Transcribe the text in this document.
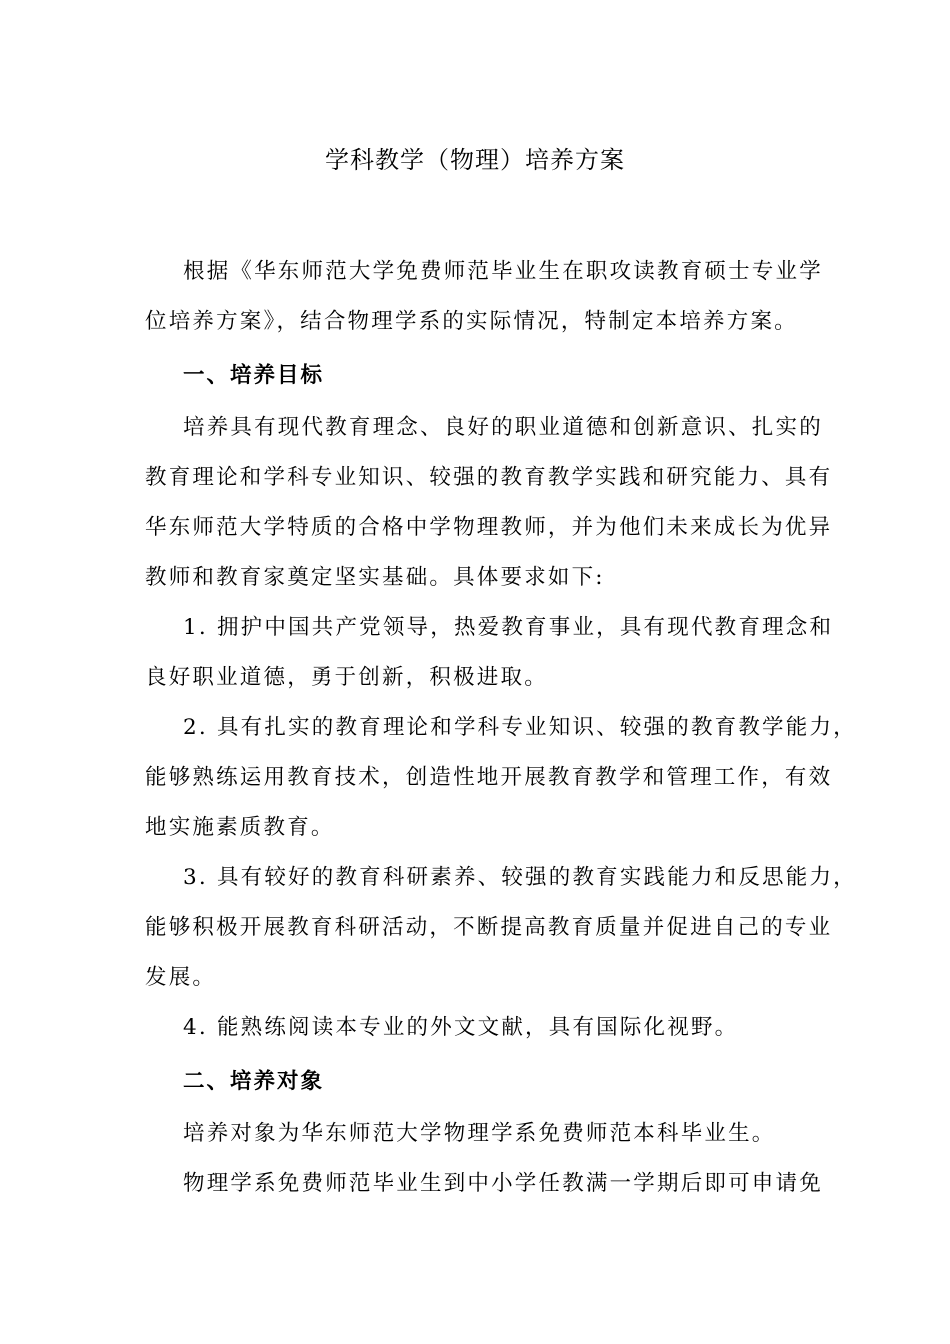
学科教学（物理）培养方案
根据《华东师范大学免费师范毕业生在职攻读教育硕士专业学
位培养方案》，结合物理学系的实际情况，特制定本培养方案。
一、培养目标
培养具有现代教育理念、良好的职业道德和创新意识、扎实的
教育理论和学科专业知识、较强的教育教学实践和研究能力、具有
华东师范大学特质的合格中学物理教师，并为他们未来成长为优异
教师和教育家奠定坚实基础。具体要求如下:
1. 拥护中国共产党领导，热爱教育事业，具有现代教育理念和
良好职业道德，勇于创新，积极进取。
2. 具有扎实的教育理论和学科专业知识、较强的教育教学能力，
能够熟练运用教育技术，创造性地开展教育教学和管理工作，有效
地实施素质教育。
3. 具有较好的教育科研素养、较强的教育实践能力和反思能力，
能够积极开展教育科研活动，不断提高教育质量并促进自己的专业
发展。
4. 能熟练阅读本专业的外文文献，具有国际化视野。
二、培养对象
培养对象为华东师范大学物理学系免费师范本科毕业生。
物理学系免费师范毕业生到中小学任教满一学期后即可申请免
